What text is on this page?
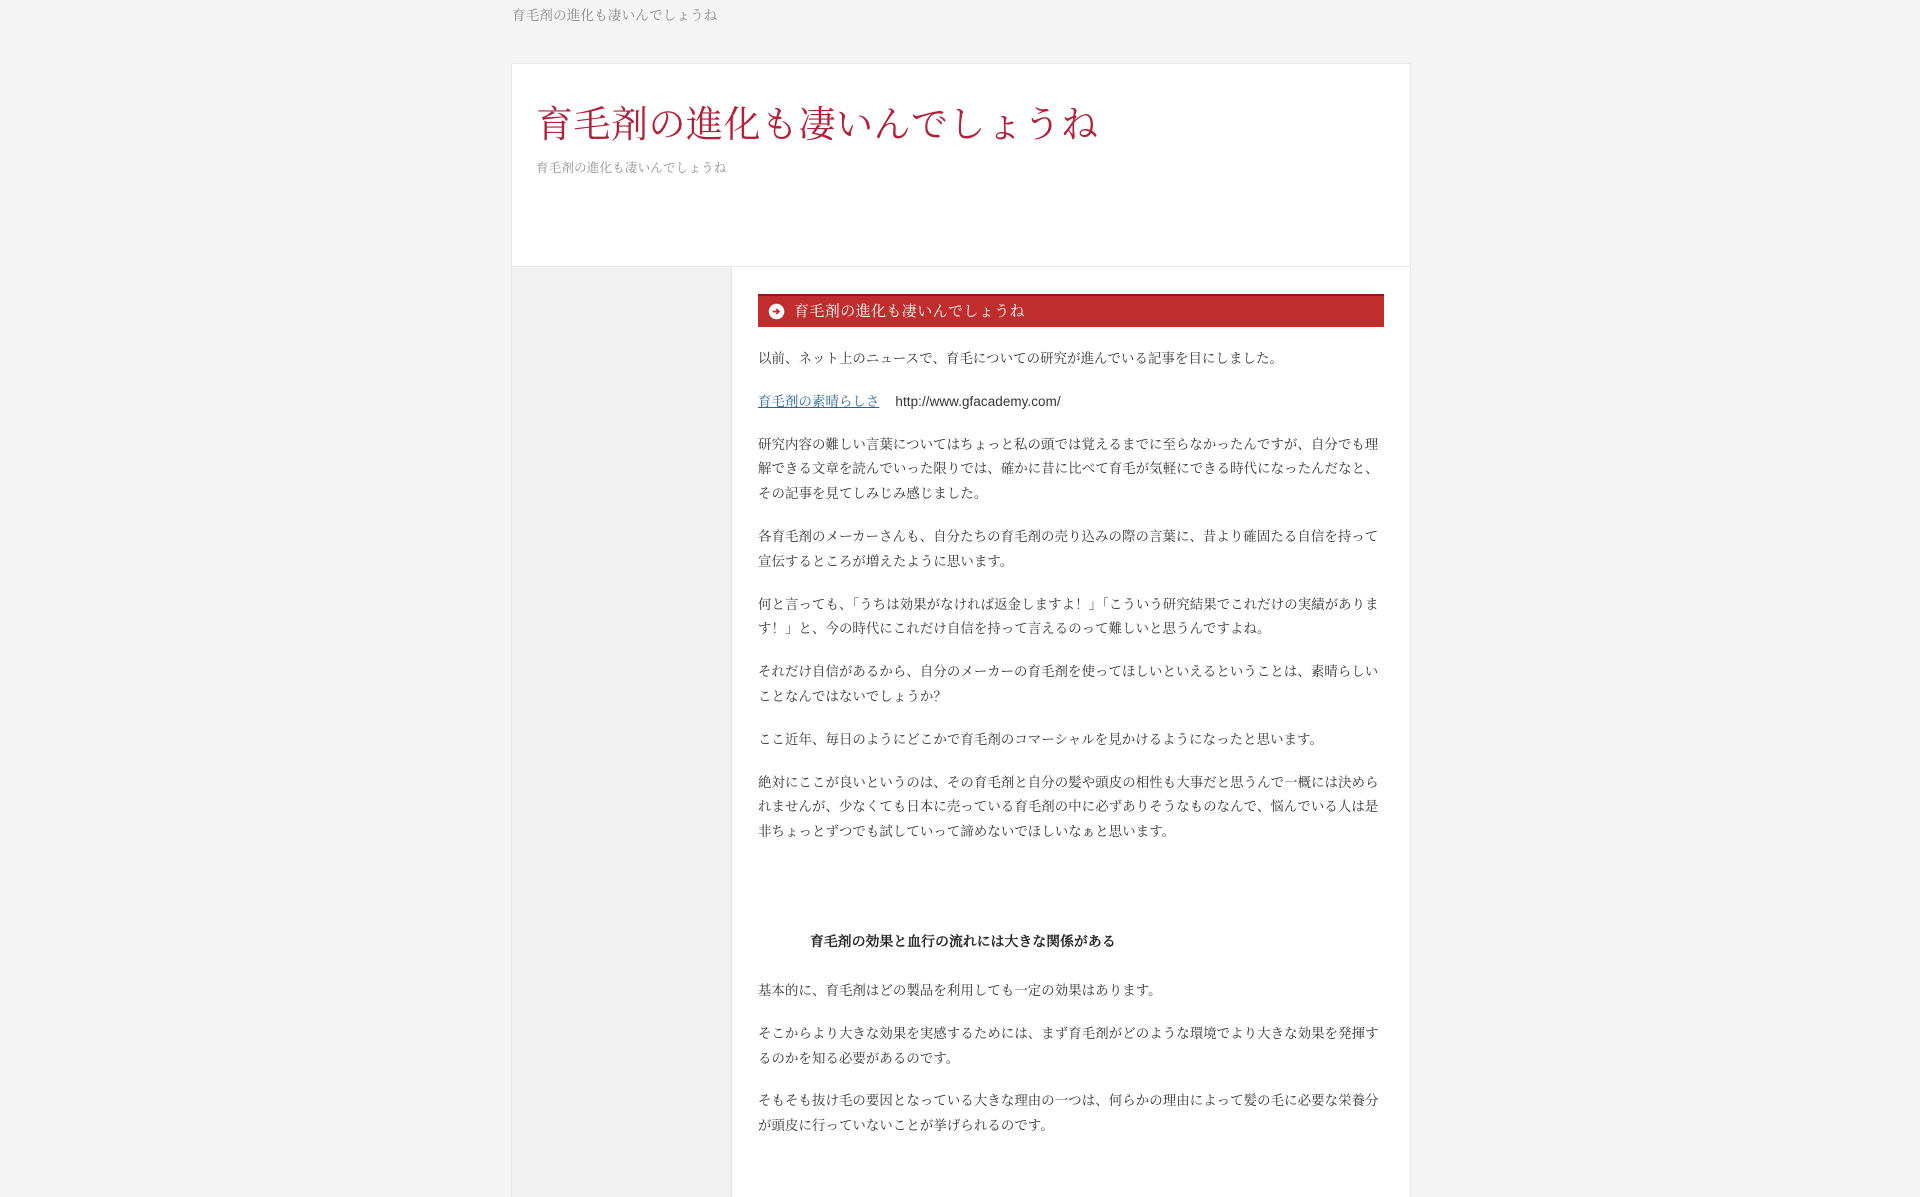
育毛剤の進化も凄いんでしょうね
育毛剤の進化も凄いんでしょうね

育毛剤の進化も凄いんでしょうね

育毛剤の進化も凄いんでしょうね

以前、ネット上のニュースで、育毛についての研究が進んでいる記事を目にしました。

育毛剤の素晴らしさ http://www.gfacademy.com/

研究内容の難しい言葉についてはちょっと私の頭では覚えるまでに至らなかったんですが、自分でも理解できる文章を読んでいった限りでは、確かに昔に比べて育毛が気軽にできる時代になったんだなと、その記事を見てしみじみ感じました。

各育毛剤のメーカーさんも、自分たちの育毛剤の売り込みの際の言葉に、昔より確固たる自信を持って宣伝するところが増えたように思います。

何と言っても、「うちは効果がなければ返金しますよ！」「こういう研究結果でこれだけの実績があります！」と、今の時代にこれだけ自信を持って言えるのって難しいと思うんですよね。

それだけ自信があるから、自分のメーカーの育毛剤を使ってほしいといえるということは、素晴らしいことなんではないでしょうか？

ここ近年、毎日のようにどこかで育毛剤のコマーシャルを見かけるようになったと思います。

絶対にここが良いというのは、その育毛剤と自分の髪や頭皮の相性も大事だと思うんで一概には決められませんが、少なくても日本に売っている育毛剤の中に必ずありそうなものなんで、悩んでいる人は是非ちょっとずつでも試していって諦めないでほしいなぁと思います。

育毛剤の効果と血行の流れには大きな関係がある

基本的に、育毛剤はどの製品を利用しても一定の効果はあります。

そこからより大きな効果を実感するためには、まず育毛剤がどのような環境でより大きな効果を発揮するのかを知る必要があるのです。

そもそも抜け毛の要因となっている大きな理由の一つは、何らかの理由によって髪の毛に必要な栄養分が頭皮に行っていないことが挙げられるのです。
